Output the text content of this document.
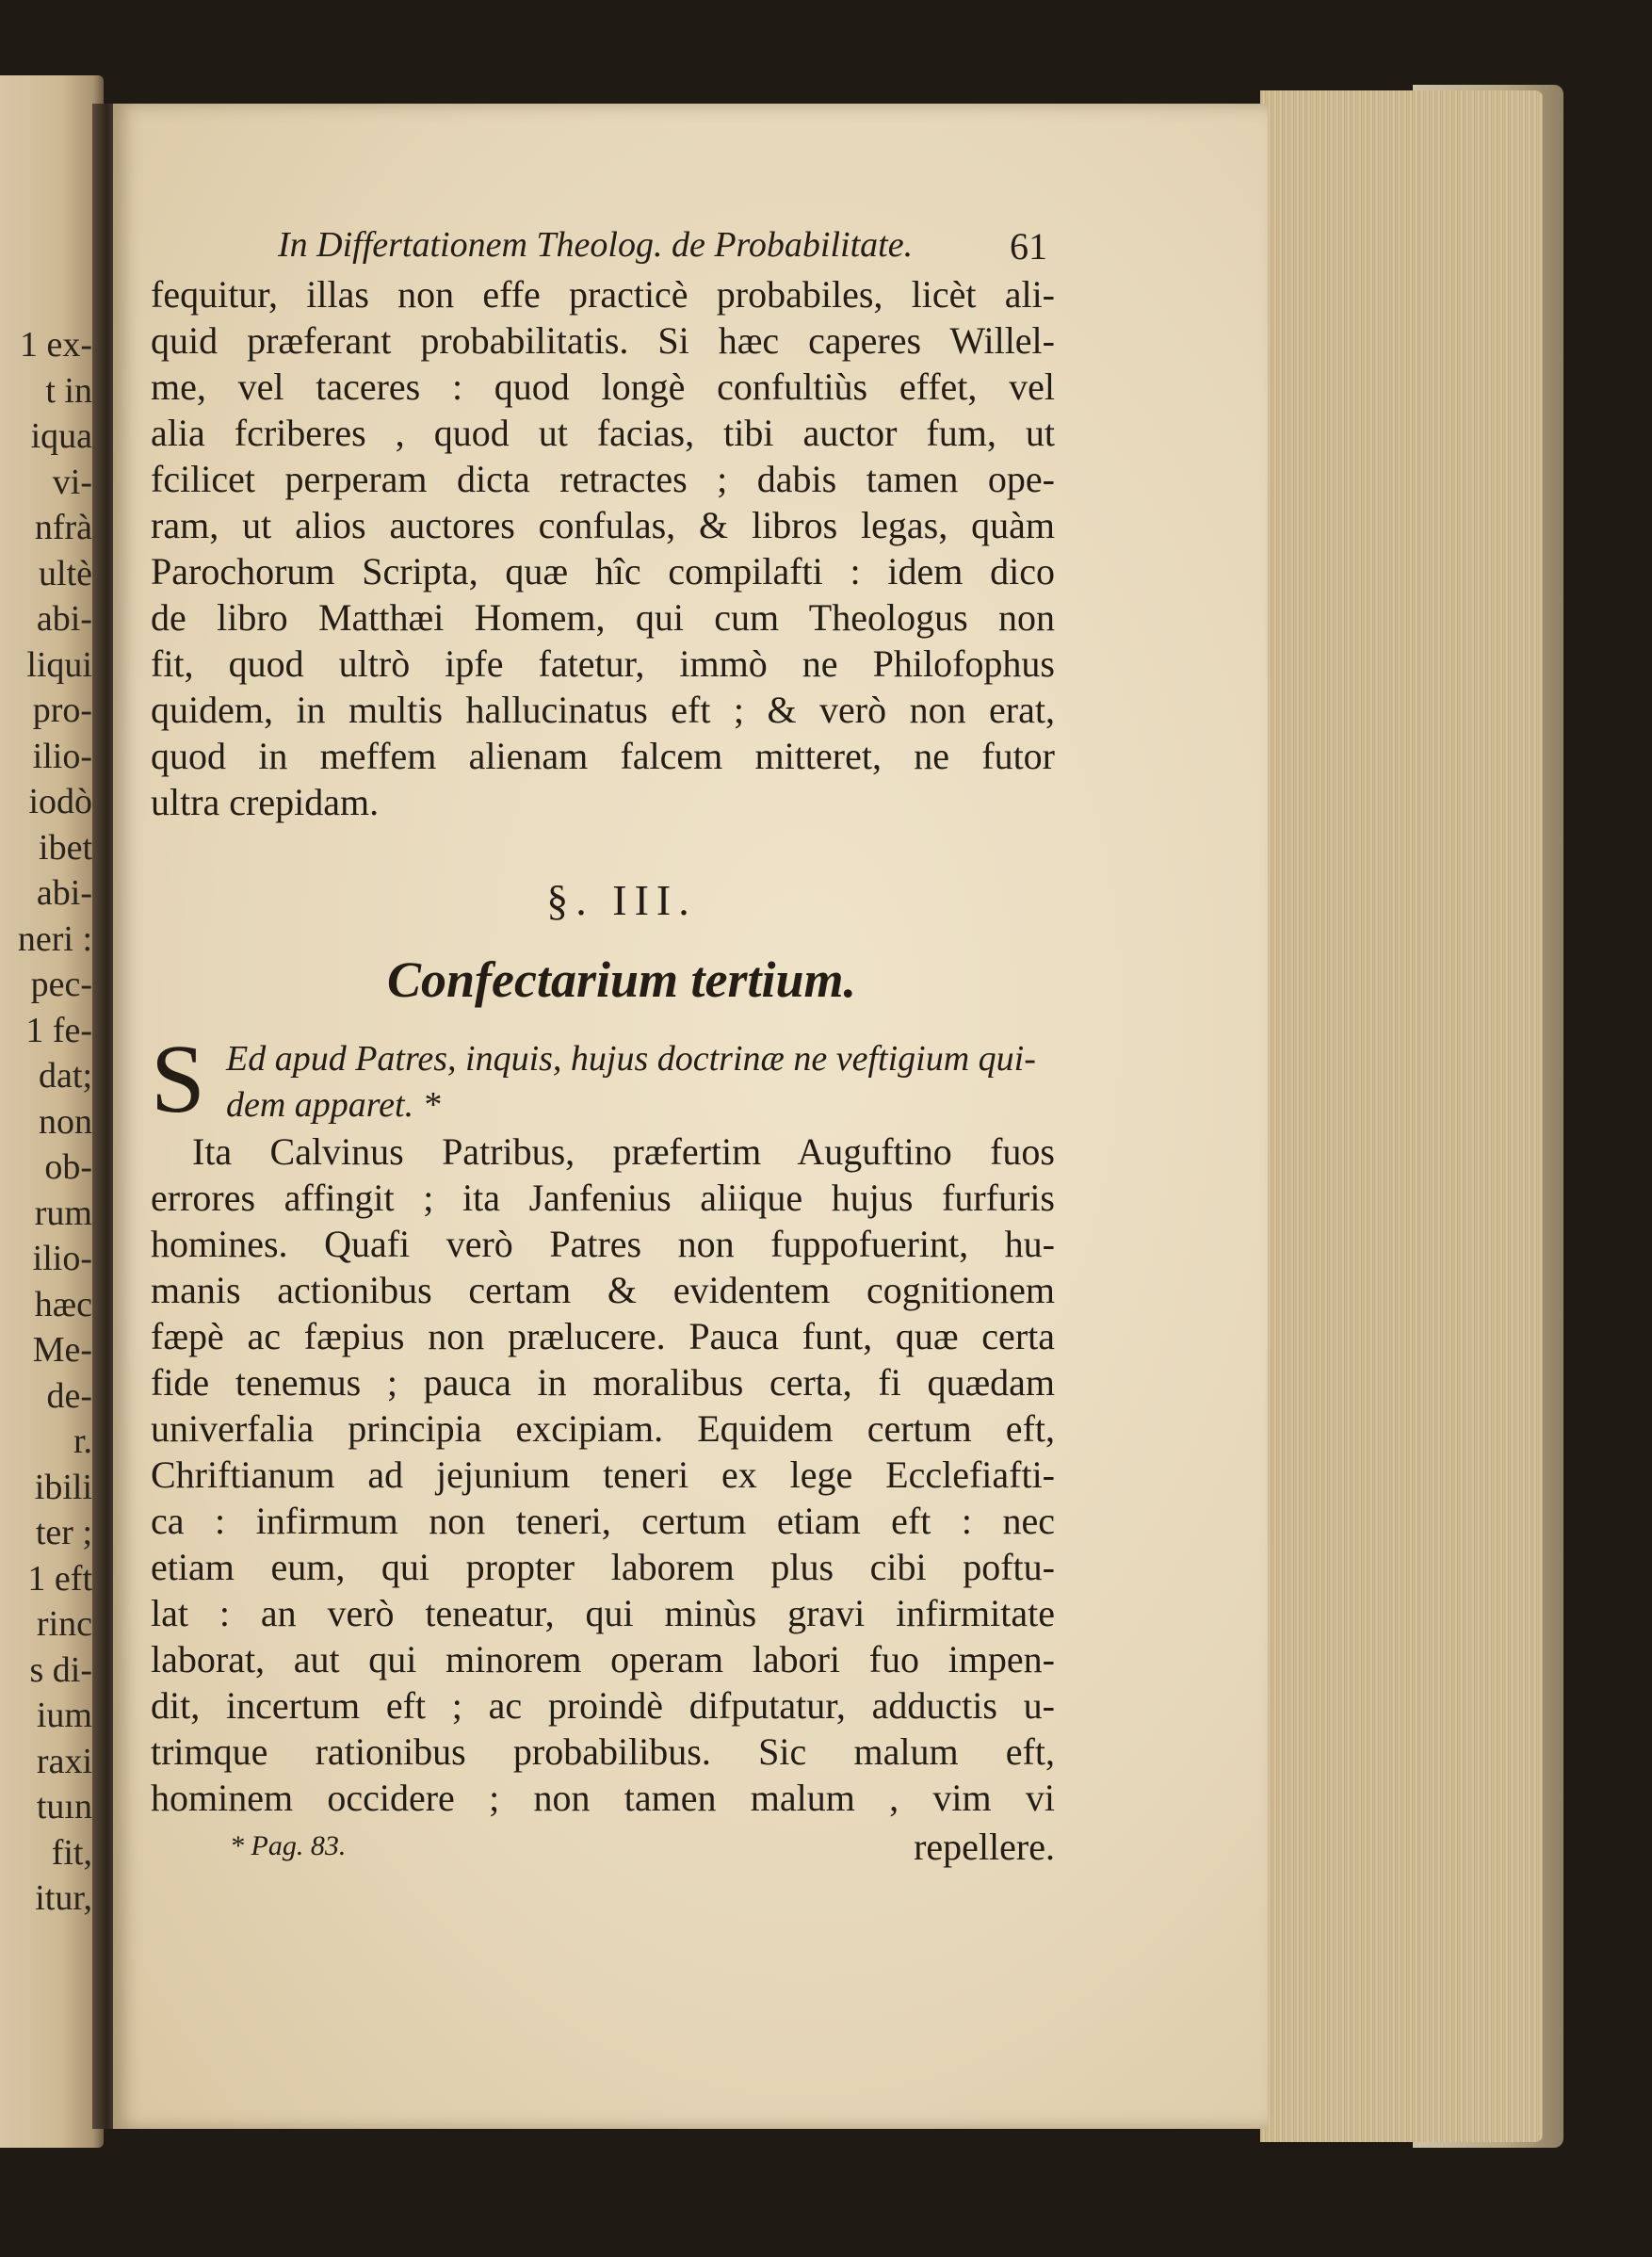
1 ex-
t in
iqua
vi-
nfrà
ultè
abi-
liqui
pro-
ilio-
iodò
ibet
abi-
neri :
pec-
1 fe-
dat;
non
ob-
rum
ilio-
hæc
Me-
de-
r.
ibili
ter ;
1 eft
rinc
s di-
ium
raxi
tuın
fit,
itur,
In Differtationem Theolog. de Probabilitate.	61
fequitur, illas non effe practicè probabiles, licèt ali-
quid præferant probabilitatis. Si hæc caperes Willel-
me, vel taceres : quod longè confultiùs effet, vel
alia fcriberes , quod ut facias, tibi auctor fum, ut
fcilicet perperam dicta retractes ; dabis tamen ope-
ram, ut alios auctores confulas, & libros legas, quàm
Parochorum Scripta, quæ hîc compilafti : idem dico
de libro Matthæi Homem, qui cum Theologus non
fit, quod ultrò ipfe fatetur, immò ne Philofophus
quidem, in multis hallucinatus eft ; & verò non erat,
quod in meffem alienam falcem mitteret, ne futor
ultra crepidam.
§. III.
Confectarium tertium.
S Ed apud Patres, inquis, hujus doctrinæ ne veftigium qui-
dem apparet. *
Ita Calvinus Patribus, præfertim Auguftino fuos
errores affingit ; ita Janfenius aliique hujus furfuris
homines. Quafi verò Patres non fuppofuerint, hu-
manis actionibus certam & evidentem cognitionem
fæpè ac fæpius non prælucere. Pauca funt, quæ certa
fide tenemus ; pauca in moralibus certa, fi quædam
univerfalia principia excipiam. Equidem certum eft,
Chriftianum ad jejunium teneri ex lege Ecclefiafti-
ca : infirmum non teneri, certum etiam eft : nec
etiam eum, qui propter laborem plus cibi poftu-
lat : an verò teneatur, qui minùs gravi infirmitate
laborat, aut qui minorem operam labori fuo impen-
dit, incertum eft ; ac proindè difputatur, adductis u-
trimque rationibus probabilibus. Sic malum eft,
hominem occidere ; non tamen malum , vim vi
* Pag. 83.	repellere.
